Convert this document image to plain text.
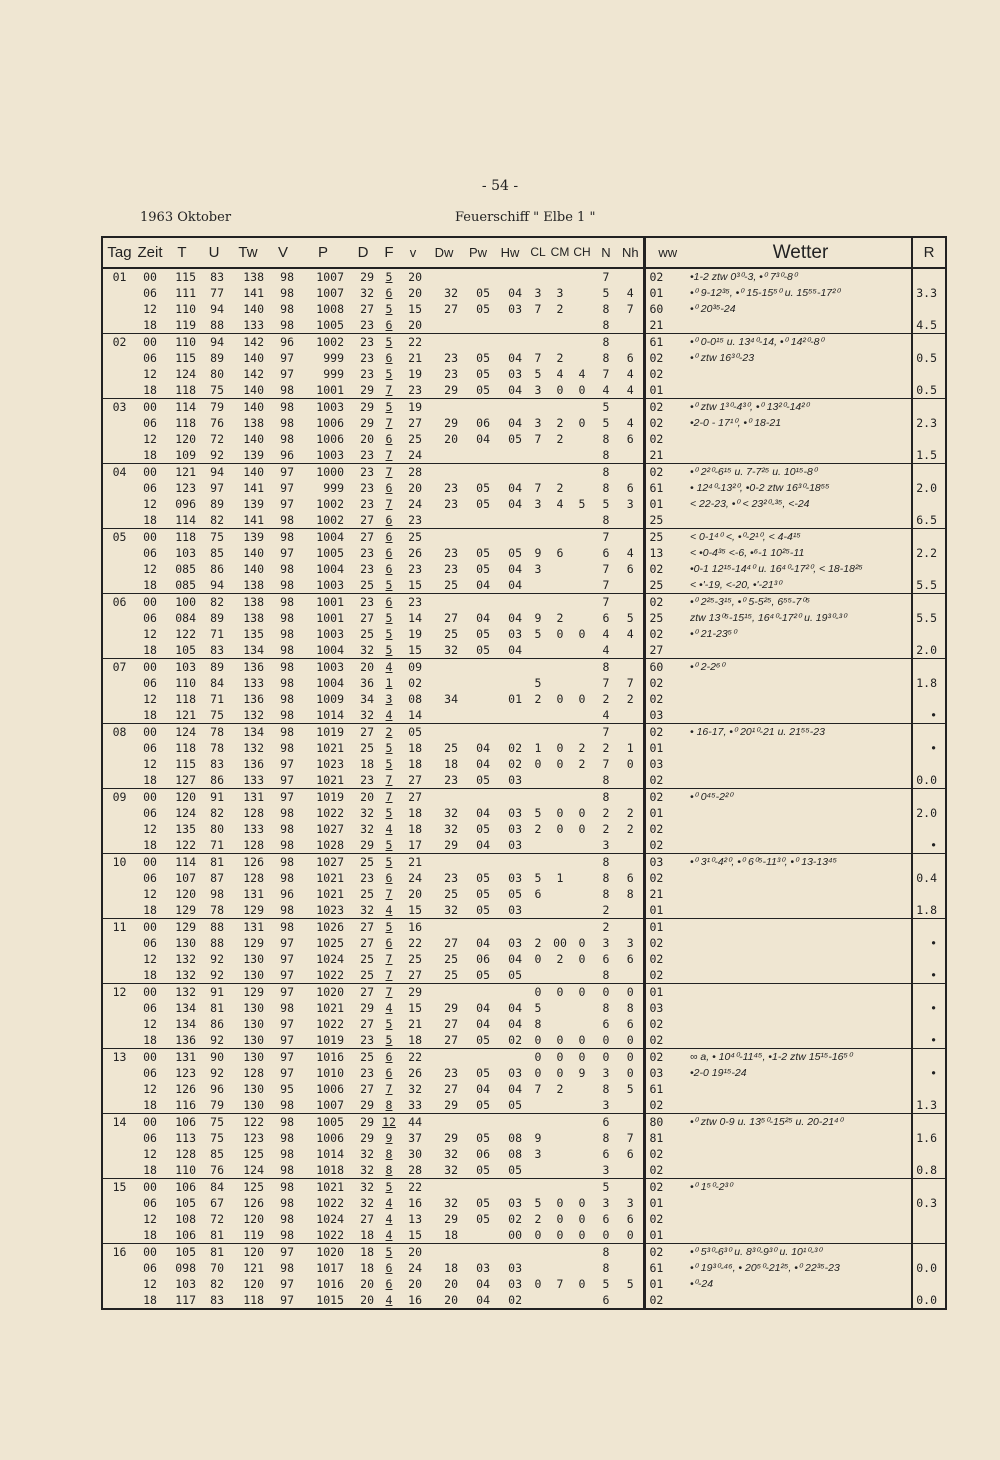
- 54 -
1963 Oktober	Feuerschiff " Elbe 1 "
Tag	Zeit	T	U	Tw	V	P	D	F	v	Dw	Pw	Hw	CL	CM	CH	N	Nh	ww	Wetter	R
01	00	115	83	138	98	1007	29	5	20							7		02	•1-2 ztw 0³⁰-3, •⁰ 7³⁰-8⁰	
	06	111	77	141	98	1007	32	6	20	32	05	04	3	3		5	4	01	•⁰ 9-12³⁵, •⁰ 15-15⁵⁰ u. 15⁵⁵-17²⁰	3.3
	12	110	94	140	98	1008	27	5	15	27	05	03	7	2		8	7	60	•⁰ 20³⁵-24	
	18	119	88	133	98	1005	23	6	20							8		21		4.5
02	00	110	94	142	96	1002	23	5	22							8		61	•⁰ 0-0¹⁵ u. 13⁴⁰-14, •⁰ 14²⁰-8⁰	
	06	115	89	140	97	999	23	6	21	23	05	04	7	2		8	6	02	•⁰ ztw 16³⁰-23	0.5
	12	124	80	142	97	999	23	5	19	23	05	03	5	4	4	7	4	02		
	18	118	75	140	98	1001	29	7	23	29	05	04	3	0	0	4	4	01		0.5
03	00	114	79	140	98	1003	29	5	19							5		02	•⁰ ztw 1³⁰-4³⁰, •⁰ 13²⁰-14²⁰	
	06	118	76	138	98	1006	29	7	27	29	06	04	3	2	0	5	4	02	•2-0 - 17¹⁰, •⁰ 18-21	2.3
	12	120	72	140	98	1006	20	6	25	20	04	05	7	2		8	6	02		
	18	109	92	139	96	1003	23	7	24							8		21		1.5
04	00	121	94	140	97	1000	23	7	28							8		02	•⁰ 2²⁰-6¹⁵ u. 7-7²⁵ u. 10¹⁵-8⁰	
	06	123	97	141	97	999	23	6	20	23	05	04	7	2		8	6	61	• 12⁴⁰-13²⁰, •0-2 ztw 16³⁰-18⁵⁵	2.0
	12	096	89	139	97	1002	23	7	24	23	05	04	3	4	5	5	3	01	< 22-23, •⁰ < 23²⁰-³⁵, <-24	
	18	114	82	141	98	1002	27	6	23							8		25		6.5
05	00	118	75	139	98	1004	27	6	25							7		25	< 0-1⁴⁰ <, •⁰-2¹⁰, < 4-4¹⁵	
	06	103	85	140	97	1005	23	6	26	23	05	05	9	6		6	4	13	< •0-4³⁵ <-6, •⁶-1 10²⁵-11	2.2
	12	085	86	140	98	1004	23	6	23	23	05	04	3			7	6	02	•0-1 12¹⁵-14⁴⁰ u. 16⁴⁰-17²⁰, < 18-18²⁵	
	18	085	94	138	98	1003	25	5	15	25	04	04				7		25	< •'-19, <-20, •'-21³⁰	5.5
06	00	100	82	138	98	1001	23	6	23							7		02	•⁰ 2²⁵-3¹⁵, •⁰ 5-5²⁵, 6⁵⁵-7⁰⁵	
	06	084	89	138	98	1001	27	5	14	27	04	04	9	2		6	5	25	ztw 13⁰⁵-15¹⁵, 16⁴⁰-17²⁰ u. 19³⁰-³⁰	5.5
	12	122	71	135	98	1003	25	5	19	25	05	03	5	0	0	4	4	02	•⁰ 21-23⁵⁰	
	18	105	83	134	98	1004	32	5	15	32	05	04				4		27		2.0
07	00	103	89	136	98	1003	20	4	09							8		60	•⁰ 2-2⁶⁰	
	06	110	84	133	98	1004	36	1	02				5			7	7	02		1.8
	12	118	71	136	98	1009	34	3	08	34		01	2	0	0	2	2	02		
	18	121	75	132	98	1014	32	4	14							4		03		•
08	00	124	78	134	98	1019	27	2	05							7		02	• 16-17, •⁰ 20¹⁰-21 u. 21⁵⁵-23	
	06	118	78	132	98	1021	25	5	18	25	04	02	1	0	2	2	1	01		•
	12	115	83	136	97	1023	18	5	18	18	04	02	0	0	2	7	0	03		
	18	127	86	133	97	1021	23	7	27	23	05	03				8		02		0.0
09	00	120	91	131	97	1019	20	7	27							8		02	•⁰ 0⁴⁵-2²⁰	
	06	124	82	128	98	1022	32	5	18	32	04	03	5	0	0	2	2	01		2.0
	12	135	80	133	98	1027	32	4	18	32	05	03	2	0	0	2	2	02		
	18	122	71	128	98	1028	29	5	17	29	04	03				3		02		•
10	00	114	81	126	98	1027	25	5	21							8		03	•⁰ 3¹⁰-4²⁰, •⁰ 6⁰⁵-11³⁰, •⁰ 13-13⁴⁵	
	06	107	87	128	98	1021	23	6	24	23	05	03	5	1		8	6	02		0.4
	12	120	98	131	96	1021	25	7	20	25	05	05	6			8	8	21		
	18	129	78	129	98	1023	32	4	15	32	05	03				2		01		1.8
11	00	129	88	131	98	1026	27	5	16							2		01		
	06	130	88	129	97	1025	27	6	22	27	04	03	2	00	0	3	3	02		•
	12	132	92	130	97	1024	25	7	25	25	06	04	0	2	0	6	6	02		
	18	132	92	130	97	1022	25	7	27	25	05	05				8		02		•
12	00	132	91	129	97	1020	27	7	29				0	0	0	0	0	01		
	06	134	81	130	98	1021	29	4	15	29	04	04	5			8	8	03		•
	12	134	86	130	97	1022	27	5	21	27	04	04	8			6	6	02		
	18	136	92	130	97	1019	23	5	18	27	05	02	0	0	0	0	0	02		•
13	00	131	90	130	97	1016	25	6	22				0	0	0	0	0	02	∞ a, • 10⁴⁰-11⁴⁵, •1-2 ztw 15¹⁵-16⁵⁰	
	06	123	92	128	97	1010	23	6	26	23	05	03	0	0	9	3	0	03	•2-0 19¹⁵-24	•
	12	126	96	130	95	1006	27	7	32	27	04	04	7	2		8	5	61		
	18	116	79	130	98	1007	29	8	33	29	05	05				3		02		1.3
14	00	106	75	122	98	1005	29	12	44							6		80	•⁰ ztw 0-9 u. 13⁵⁰-15²⁵ u. 20-21⁴⁰	
	06	113	75	123	98	1006	29	9	37	29	05	08	9			8	7	81		1.6
	12	128	85	125	98	1014	32	8	30	32	06	08	3			6	6	02		
	18	110	76	124	98	1018	32	8	28	32	05	05				3		02		0.8
15	00	106	84	125	98	1021	32	5	22							5		02	•⁰ 1⁵⁰-2³⁰	
	06	105	67	126	98	1022	32	4	16	32	05	03	5	0	0	3	3	01		0.3
	12	108	72	120	98	1024	27	4	13	29	05	02	2	0	0	6	6	02		
	18	106	81	119	98	1022	18	4	15	18		00	0	0	0	0	0	01		
16	00	105	81	120	97	1020	18	5	20							8		02	•⁰ 5³⁰-6³⁰ u. 8³⁰-9³⁰ u. 10¹⁰-³⁰	
	06	098	70	121	98	1017	18	6	24	18	03	03				8		61	•⁰ 19³⁰-⁴⁶, • 20⁵⁰-21²⁵, •⁰ 22³⁵-23	0.0
	12	103	82	120	97	1016	20	6	20	20	04	03	0	7	0	5	5	01	•⁰-24	
	18	117	83	118	97	1015	20	4	16	20	04	02				6		02		0.0
